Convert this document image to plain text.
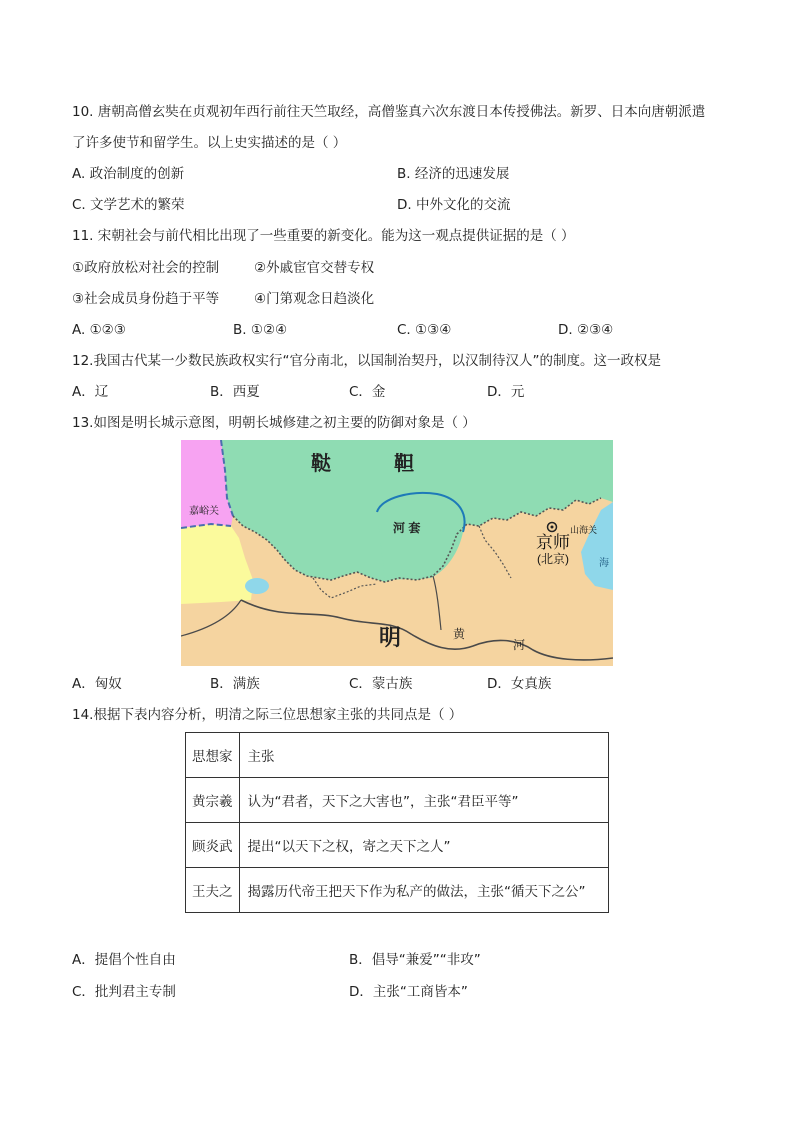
10. 唐朝高僧玄奘在贞观初年西行前往天竺取经，高僧鉴真六次东渡日本传授佛法。新罗、日本向唐朝派遣
了许多使节和留学生。以上史实描述的是（ ）
A. 政治制度的创新	B. 经济的迅速发展
C. 文学艺术的繁荣	D. 中外文化的交流
11. 宋朝社会与前代相比出现了一些重要的新变化。能为这一观点提供证据的是（ ）
①政府放松对社会的控制	②外戚宦官交替专权
③社会成员身份趋于平等	④门第观念日趋淡化
A. ①②③	B. ①②④	C. ①③④	D. ②③④
12.我国古代某一少数民族政权实行“官分南北，以国制治契丹，以汉制待汉人”的制度。这一政权是
A．辽	B．西夏	C．金	D．元
13.如图是明长城示意图，明朝长城修建之初主要的防御对象是（ ）
鞑	靼
嘉峪关
河 套
京师
(北京)
山海关
海
明	黄
河
A．匈奴	B．满族	C．蒙古族	D．女真族
14.根据下表内容分析，明清之际三位思想家主张的共同点是（ ）
思想家	主张
黄宗羲	认为“君者，天下之大害也”，主张“君臣平等”
顾炎武	提出“以天下之权，寄之天下之人”
王夫之	揭露历代帝王把天下作为私产的做法，主张“循天下之公”
A．提倡个性自由	B．倡导“兼爱”“非攻”
C．批判君主专制	D．主张“工商皆本”
